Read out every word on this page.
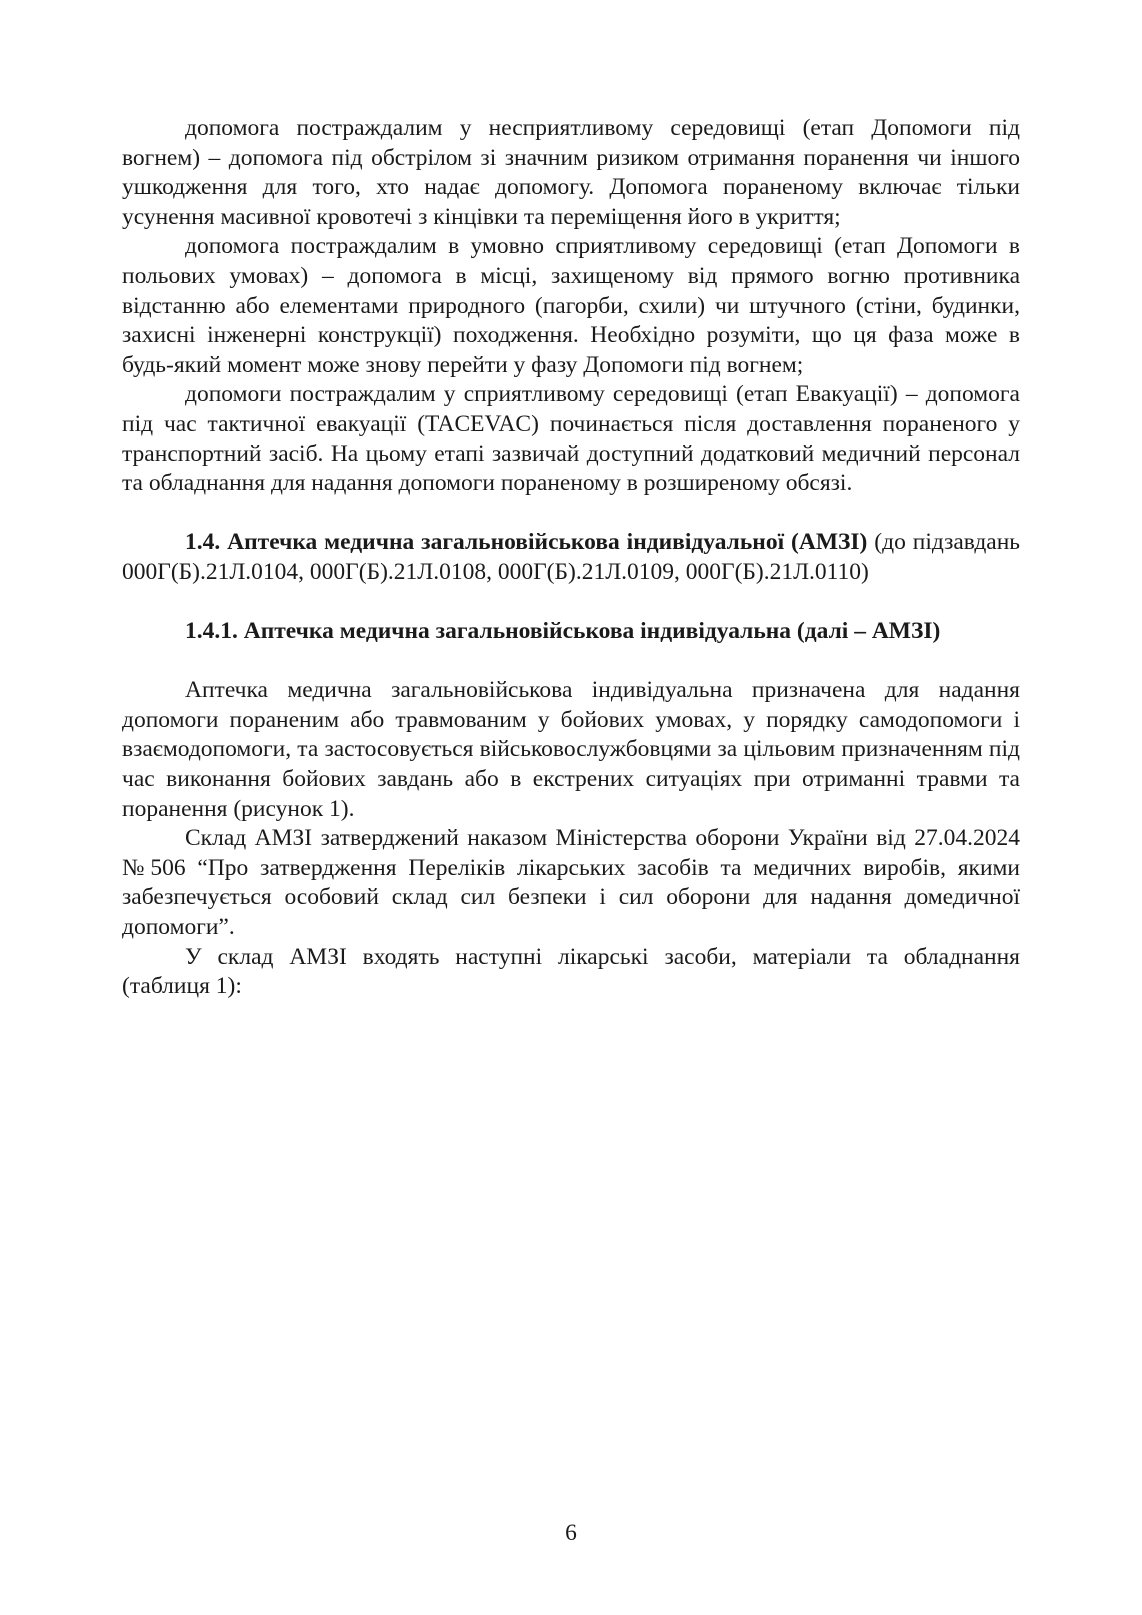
допомога постраждалим у несприятливому середовищі (етап Допомоги під вогнем) – допомога під обстрілом зі значним ризиком отримання поранення чи іншого ушкодження для того, хто надає допомогу. Допомога пораненому включає тільки усунення масивної кровотечі з кінцівки та переміщення його в укриття;

допомога постраждалим в умовно сприятливому середовищі (етап Допомоги в польових умовах) – допомога в місці, захищеному від прямого вогню противника відстанню або елементами природного (пагорби, схили) чи штучного (стіни, будинки, захисні інженерні конструкції) походження. Необхідно розуміти, що ця фаза може в будь-який момент може знову перейти у фазу Допомоги під вогнем;

допомоги постраждалим у сприятливому середовищі (етап Евакуації) – допомога під час тактичної евакуації (TACEVAC) починається після доставлення пораненого у транспортний засіб. На цьому етапі зазвичай доступний додатковий медичний персонал та обладнання для надання допомоги пораненому в розширеному обсязі.

1.4. Аптечка медична загальновійськова індивідуальної (АМЗІ) (до підзавдань 000Г(Б).21Л.0104, 000Г(Б).21Л.0108, 000Г(Б).21Л.0109, 000Г(Б).21Л.0110)

1.4.1. Аптечка медична загальновійськова індивідуальна (далі – АМЗІ)

Аптечка медична загальновійськова індивідуальна призначена для надання допомоги пораненим або травмованим у бойових умовах, у порядку самодопомоги і взаємодопомоги, та застосовується військовослужбовцями за цільовим призначенням під час виконання бойових завдань або в екстрених ситуаціях при отриманні травми та поранення (рисунок 1).

Склад АМЗІ затверджений наказом Міністерства оборони України від 27.04.2024 №506 “Про затвердження Переліків лікарських засобів та медичних виробів, якими забезпечується особовий склад сил безпеки і сил оборони для надання домедичної допомоги”.

У склад АМЗІ входять наступні лікарські засоби, матеріали та обладнання (таблиця 1):

6
